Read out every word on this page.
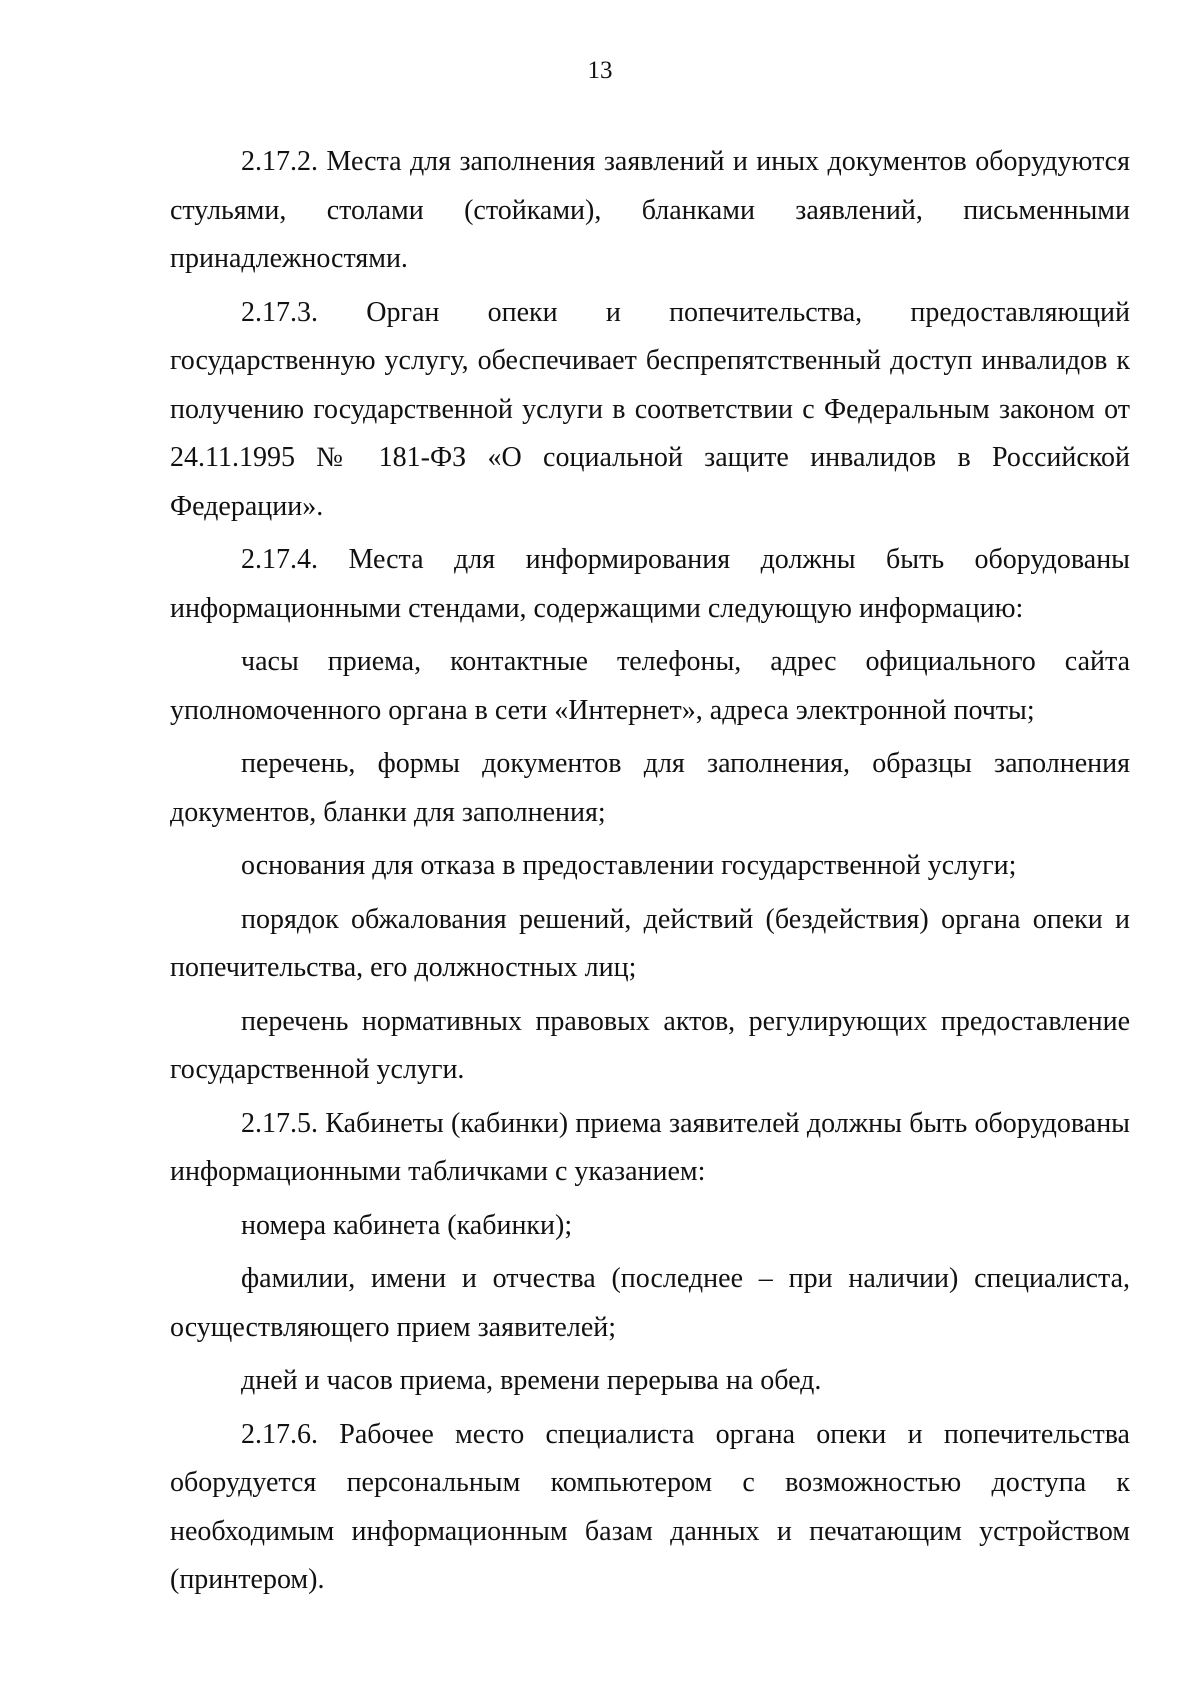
13

2.17.2. Места для заполнения заявлений и иных документов оборудуются стульями, столами (стойками), бланками заявлений, письменными принадлежностями.

2.17.3. Орган опеки и попечительства, предоставляющий государственную услугу, обеспечивает беспрепятственный доступ инвалидов к получению государственной услуги в соответствии с Федеральным законом от 24.11.1995 № 181-ФЗ «О социальной защите инвалидов в Российской Федерации».

2.17.4. Места для информирования должны быть оборудованы информационными стендами, содержащими следующую информацию:

часы приема, контактные телефоны, адрес официального сайта уполномоченного органа в сети «Интернет», адреса электронной почты;

перечень, формы документов для заполнения, образцы заполнения документов, бланки для заполнения;

основания для отказа в предоставлении государственной услуги;

порядок обжалования решений, действий (бездействия) органа опеки и попечительства, его должностных лиц;

перечень нормативных правовых актов, регулирующих предоставление государственной услуги.

2.17.5. Кабинеты (кабинки) приема заявителей должны быть оборудованы информационными табличками с указанием:

номера кабинета (кабинки);

фамилии, имени и отчества (последнее – при наличии) специалиста, осуществляющего прием заявителей;

дней и часов приема, времени перерыва на обед.

2.17.6. Рабочее место специалиста органа опеки и попечительства оборудуется персональным компьютером с возможностью доступа к необходимым информационным базам данных и печатающим устройством (принтером).
